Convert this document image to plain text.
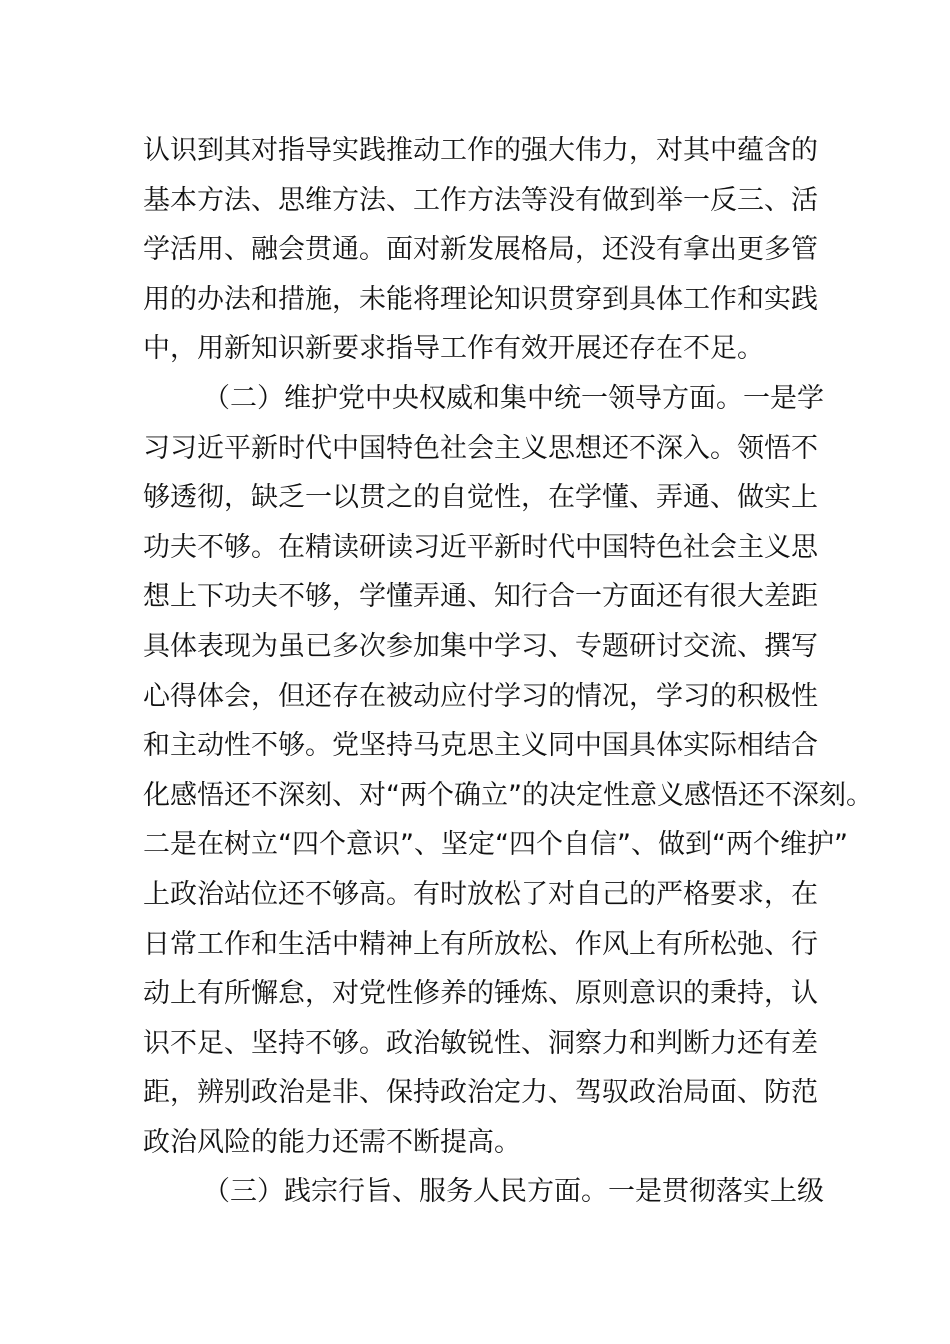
认识到其对指导实践推动工作的强大伟力，对其中蕴含的
基本方法、思维方法、工作方法等没有做到举一反三、活
学活用、融会贯通。面对新发展格局，还没有拿出更多管
用的办法和措施，未能将理论知识贯穿到具体工作和实践
中，用新知识新要求指导工作有效开展还存在不足。
（二）维护党中央权威和集中统一领导方面。一是学
习习近平新时代中国特色社会主义思想还不深入。领悟不
够透彻，缺乏一以贯之的自觉性，在学懂、弄通、做实上
功夫不够。在精读研读习近平新时代中国特色社会主义思
想上下功夫不够，学懂弄通、知行合一方面还有很大差距
具体表现为虽已多次参加集中学习、专题研讨交流、撰写
心得体会，但还存在被动应付学习的情况，学习的积极性
和主动性不够。党坚持马克思主义同中国具体实际相结合
化感悟还不深刻、对“两个确立”的决定性意义感悟还不深刻。
二是在树立“四个意识”、坚定“四个自信”、做到“两个维护”
上政治站位还不够高。有时放松了对自己的严格要求，在
日常工作和生活中精神上有所放松、作风上有所松弛、行
动上有所懈怠，对党性修养的锤炼、原则意识的秉持，认
识不足、坚持不够。政治敏锐性、洞察力和判断力还有差
距，辨别政治是非、保持政治定力、驾驭政治局面、防范
政治风险的能力还需不断提高。
（三）践宗行旨、服务人民方面。一是贯彻落实上级
